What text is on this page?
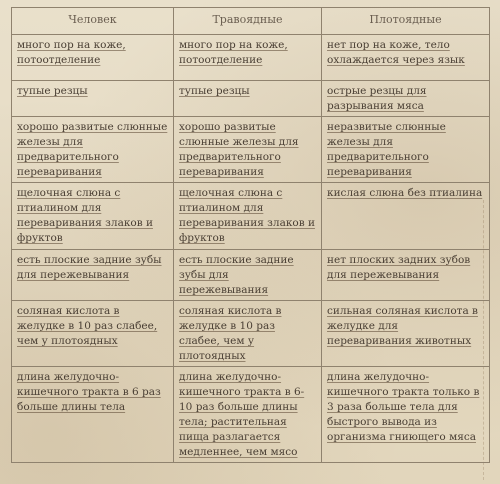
Человек	Травоядные	Плотоядные
много пор на коже, потоотделение	много пор на коже, потоотделение	нет пор на коже, тело охлаждается через язык
тупые резцы	тупые резцы	острые резцы для разрывания мяса
хорошо развитые слюнные железы для предварительного переваривания	хорошо развитые слюнные железы для предварительного переваривания	неразвитые слюнные железы для предварительного переваривания
щелочная слюна с птиалином для переваривания злаков и фруктов	щелочная слюна с птиалином для переваривания злаков и фруктов	кислая слюна без птиалина
есть плоские задние зубы для пережевывания	есть плоские задние зубы для пережевывания	нет плоских задних зубов для пережевывания
соляная кислота в желудке в 10 раз слабее, чем у плотоядных	соляная кислота в желудке в 10 раз слабее, чем у плотоядных	сильная соляная кислота в желудке для переваривания животных
длина желудочно-кишечного тракта в 6 раз больше длины тела	длина желудочно-кишечного тракта в 6-10 раз больше длины тела; растительная пища разлагается медленнее, чем мясо	длина желудочно-кишечного тракта только в 3 раза больше тела для быстрого вывода из организма гниющего мяса
